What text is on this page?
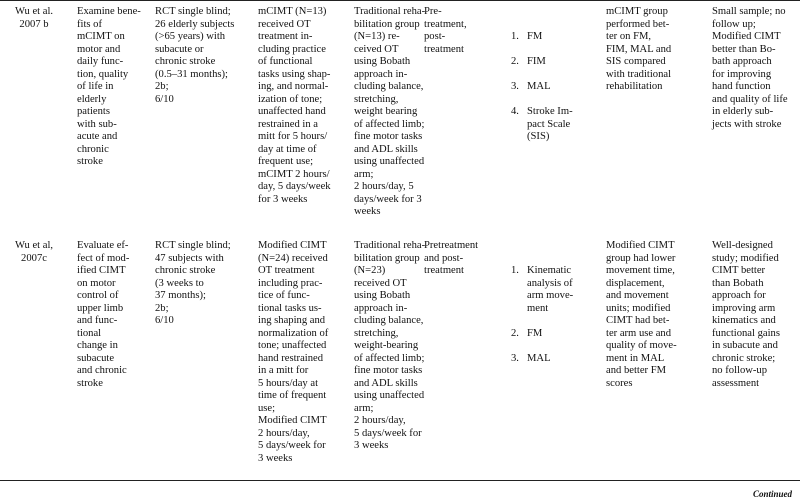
Wu et al.
2007 b
Examine bene-
fits of
mCIMT on
motor and
daily func-
tion, quality
of life in
elderly
patients
with sub-
acute and
chronic
stroke
RCT single blind;
26 elderly subjects
(>65 years) with
subacute or
chronic stroke
(0.5–31 months);
2b;
6/10
mCIMT (N=13)
received OT
treatment in-
cluding practice
of functional
tasks using shap-
ing, and normal-
ization of tone;
unaffected hand
restrained in a
mitt for 5 hours/
day at time of
frequent use;
mCIMT 2 hours/
day, 5 days/week
for 3 weeks
Traditional reha-
bilitation group
(N=13) re-
ceived OT
using Bobath
approach in-
cluding balance,
stretching,
weight bearing
of affected limb;
fine motor tasks
and ADL skills
using unaffected
arm;
2 hours/day, 5
days/week for 3
weeks
Pre-
treatment,
post-
treatment

1. FM

2. FIM

3. MAL

4. Stroke Im-
pact Scale
(SIS)

mCIMT group
performed bet-
ter on FM,
FIM, MAL and
SIS compared
with traditional
rehabilitation
Small sample; no
follow up;
Modified CIMT
better than Bo-
bath approach
for improving
hand function
and quality of life
in elderly sub-
jects with stroke
Wu et al,
2007c
Evaluate ef-
fect of mod-
ified CIMT
on motor
control of
upper limb
and func-
tional
change in
subacute
and chronic
stroke
RCT single blind;
47 subjects with
chronic stroke
(3 weeks to
37 months);
2b;
6/10
Modified CIMT
(N=24) received
OT treatment
including prac-
tice of func-
tional tasks us-
ing shaping and
normalization of
tone; unaffected
hand restrained
in a mitt for
5 hours/day at
time of frequent
use;
Modified CIMT
2 hours/day,
5 days/week for
3 weeks
Traditional reha-
bilitation group
(N=23)
received OT
using Bobath
approach in-
cluding balance,
stretching,
weight-bearing
of affected limb;
fine motor tasks
and ADL skills
using unaffected
arm;
2 hours/day,
5 days/week for
3 weeks
Pretreatment
and post-
treatment	1. Kinematic
analysis of
arm move-
ment

2. FM

3. MAL

Modified CIMT
group had lower
movement time,
displacement,
and movement
units; modified
CIMT had bet-
ter arm use and
quality of move-
ment in MAL
and better FM
scores
Well-designed
study; modified
CIMT better
than Bobath
approach for
improving arm
kinematics and
functional gains
in subacute and
chronic stroke;
no follow-up
assessment
Continued
